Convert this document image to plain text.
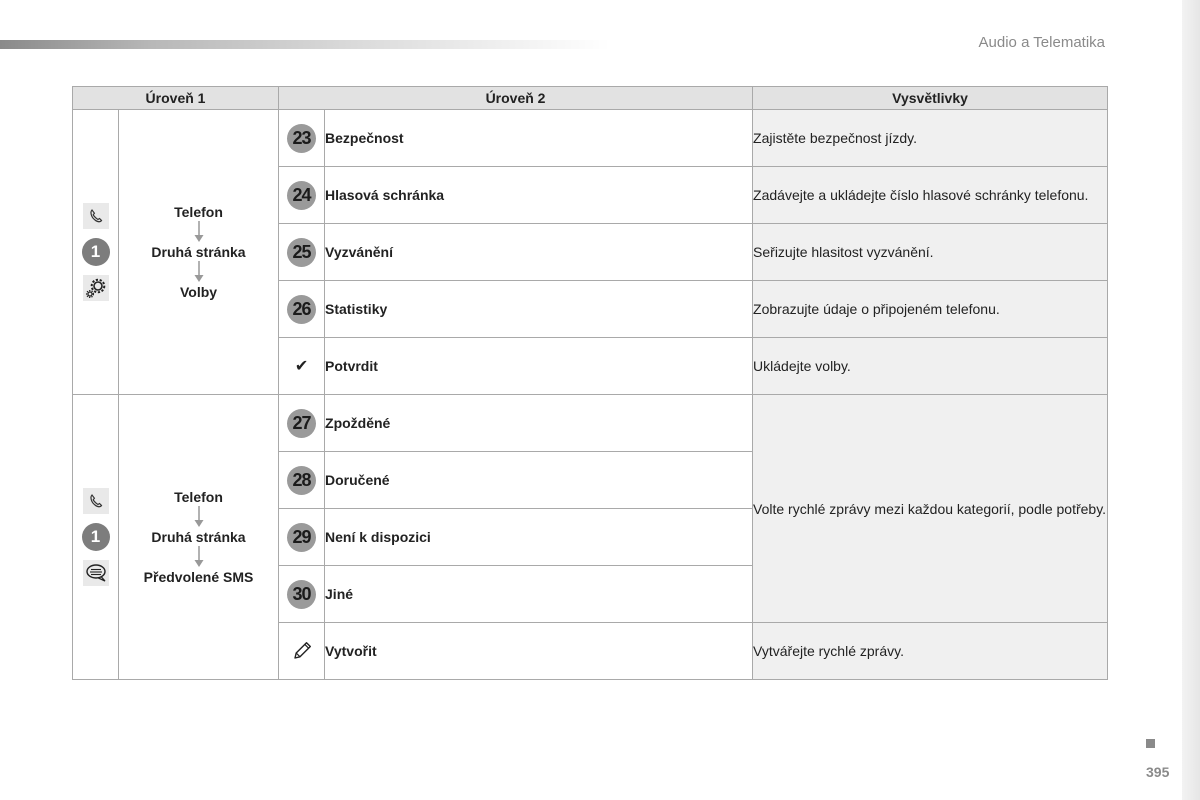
Audio a Telematika
Úroveň 1		Úroveň 2		Vysvětlivky

1	Telefon
Druhá stránka
Volby	23	Bezpečnost	Zajistěte bezpečnost jízdy.
		24	Hlasová schránka	Zadávejte a ukládejte číslo hlasové schránky telefonu.
		25	Vyzvánění	Seřizujte hlasitost vyzvánění.
		26	Statistiky	Zobrazujte údaje o připojeném telefonu.
		✔	Potvrdit	Ukládejte volby.

1	Telefon
Druhá stránka
Předvolené SMS	27	Zpožděné	Volte rychlé zprávy mezi každou kategorií, podle potřeby.
		28	Doručené	
		29	Není k dispozici	
		30	Jiné	
	Vytvořit	Vytvářejte rychlé zprávy.
395
